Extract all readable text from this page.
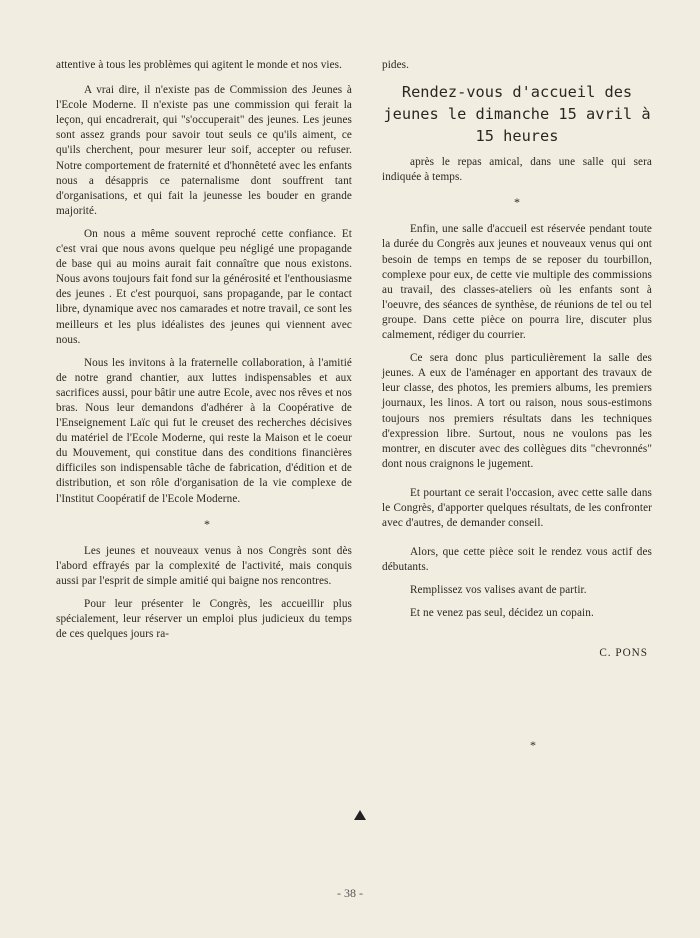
attentive à tous les problèmes qui agitent le monde et nos vies.

A vrai dire, il n'existe pas de Commission des Jeunes à l'Ecole Moderne. Il n'existe pas une commission qui ferait la leçon, qui encadrerait, qui "s'occuperait" des jeunes. Les jeunes sont assez grands pour savoir tout seuls ce qu'ils aiment, ce qu'ils cherchent, pour mesurer leur soif, accepter ou refuser. Notre comportement de fraternité et d'honnêteté avec les enfants nous a désappris ce paternalisme dont souffrent tant d'organisations, et qui fait la jeunesse les bouder en grande majorité.

On nous a même souvent reproché cette confiance. Et c'est vrai que nous avons quelque peu négligé une propagande de base qui au moins aurait fait connaître que nous existons. Nous avons toujours fait fond sur la générosité et l'enthousiasme des jeunes . Et c'est pourquoi, sans propagande, par le contact libre, dynamique avec nos camarades et notre travail, ce sont les meilleurs et les plus idéalistes des jeunes qui viennent avec nous.

Nous les invitons à la fraternelle collaboration, à l'amitié de notre grand chantier, aux luttes indispensables et aux sacrifices aussi, pour bâtir une autre Ecole, avec nos rêves et nos bras. Nous leur demandons d'adhérer à la Coopérative de l'Enseignement Laïc qui fut le creuset des recherches décisives du matériel de l'Ecole Moderne, qui reste la Maison et le coeur du Mouvement, qui constitue dans des conditions financières difficiles son indispensable tâche de fabrication, d'édition et de distribution, et son rôle d'organisation de la vie complexe de l'Institut Coopératif de l'Ecole Moderne.

*

Les jeunes et nouveaux venus à nos Congrès sont dès l'abord effrayés par la complexité de l'activité, mais conquis aussi par l'esprit de simple amitié qui baigne nos rencontres.

Pour leur présenter le Congrès, les accueillir plus spécialement, leur réserver un emploi plus judicieux du temps de ces quelques jours ra-

pides.

Rendez-vous d'accueil des jeunes le dimanche 15 avril à 15 heures

après le repas amical, dans une salle qui sera indiquée à temps.

*

Enfin, une salle d'accueil est réservée pendant toute la durée du Congrès aux jeunes et nouveaux venus qui ont besoin de temps en temps de se reposer du tourbillon, complexe pour eux, de cette vie multiple des commissions au travail, des classes-ateliers où les enfants sont à l'oeuvre, des séances de synthèse, de réunions de tel ou tel groupe. Dans cette pièce on pourra lire, discuter plus calmement, rédiger du courrier.

Ce sera donc plus particulièrement la salle des jeunes. A eux de l'aménager en apportant des travaux de leur classe, des photos, les premiers albums, les premiers journaux, les linos. A tort ou raison, nous sous-estimons toujours nos premiers résultats dans les techniques d'expression libre. Surtout, nous ne voulons pas les montrer, en discuter avec des collègues dits "chevronnés" dont nous craignons le jugement.

Et pourtant ce serait l'occasion, avec cette salle dans le Congrès, d'apporter quelques résultats, de les confronter avec d'autres, de demander conseil.

Alors, que cette pièce soit le rendez vous actif des débutants.

Remplissez vos valises avant de partir.

Et ne venez pas seul, décidez un copain.

C. PONS
*
- 38 -
